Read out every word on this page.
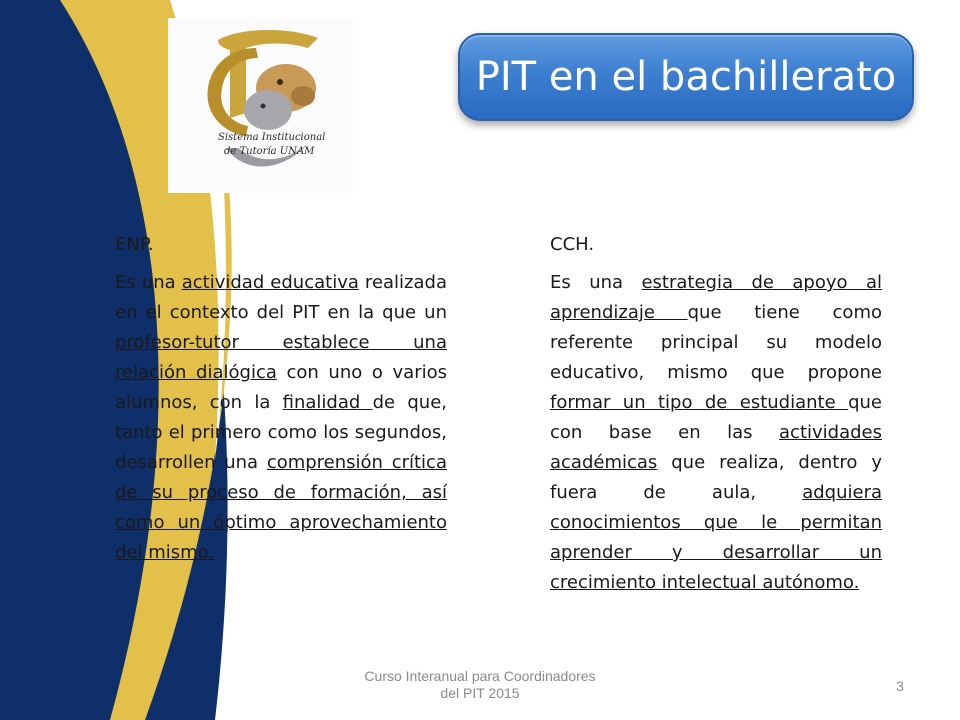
Sistema Institucional
de Tutoría UNAM
PIT en el bachillerato

ENP.

Es una actividad educativa realizada en el contexto del PIT en la que un profesor-tutor establece una relación dialógica con uno o varios alumnos, con la finalidad de que, tanto el primero como los segundos, desarrollen una comprensión crítica de su proceso de formación, así como un óptimo aprovechamiento del mismo.

CCH.

Es una estrategia de apoyo al aprendizaje que tiene como referente principal su modelo educativo, mismo que propone formar un tipo de estudiante que con base en las actividades académicas que realiza, dentro y fuera de aula, adquiera conocimientos que le permitan aprender y desarrollar un crecimiento intelectual autónomo.

Curso Interanual para Coordinadores
del PIT 2015	3
